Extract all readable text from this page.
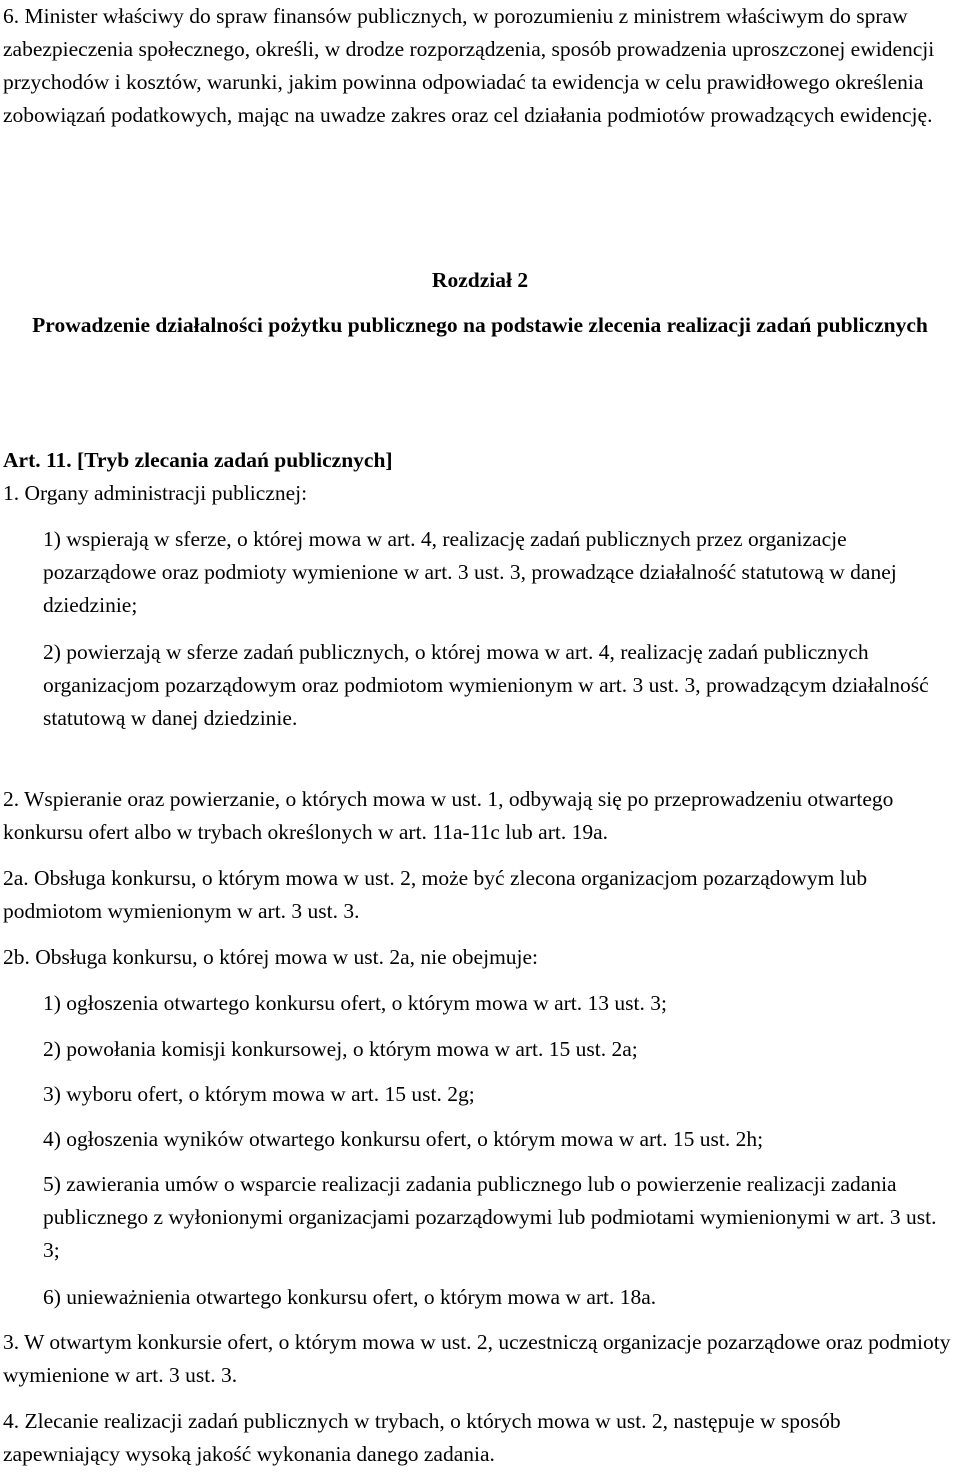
6. Minister właściwy do spraw finansów publicznych, w porozumieniu z ministrem właściwym do spraw zabezpieczenia społecznego, określi, w drodze rozporządzenia, sposób prowadzenia uproszczonej ewidencji przychodów i kosztów, warunki, jakim powinna odpowiadać ta ewidencja w celu prawidłowego określenia zobowiązań podatkowych, mając na uwadze zakres oraz cel działania podmiotów prowadzących ewidencję.

Rozdział 2

Prowadzenie działalności pożytku publicznego na podstawie zlecenia realizacji zadań publicznych

Art. 11. [Tryb zlecania zadań publicznych]

1. Organy administracji publicznej:

1) wspierają w sferze, o której mowa w art. 4, realizację zadań publicznych przez organizacje pozarządowe oraz podmioty wymienione w art. 3 ust. 3, prowadzące działalność statutową w danej dziedzinie;

2) powierzają w sferze zadań publicznych, o której mowa w art. 4, realizację zadań publicznych organizacjom pozarządowym oraz podmiotom wymienionym w art. 3 ust. 3, prowadzącym działalność statutową w danej dziedzinie.

2. Wspieranie oraz powierzanie, o których mowa w ust. 1, odbywają się po przeprowadzeniu otwartego konkursu ofert albo w trybach określonych w art. 11a-11c lub art. 19a.

2a. Obsługa konkursu, o którym mowa w ust. 2, może być zlecona organizacjom pozarządowym lub podmiotom wymienionym w art. 3 ust. 3.

2b. Obsługa konkursu, o której mowa w ust. 2a, nie obejmuje:

1) ogłoszenia otwartego konkursu ofert, o którym mowa w art. 13 ust. 3;

2) powołania komisji konkursowej, o którym mowa w art. 15 ust. 2a;

3) wyboru ofert, o którym mowa w art. 15 ust. 2g;

4) ogłoszenia wyników otwartego konkursu ofert, o którym mowa w art. 15 ust. 2h;

5) zawierania umów o wsparcie realizacji zadania publicznego lub o powierzenie realizacji zadania publicznego z wyłonionymi organizacjami pozarządowymi lub podmiotami wymienionymi w art. 3 ust. 3;

6) unieważnienia otwartego konkursu ofert, o którym mowa w art. 18a.

3. W otwartym konkursie ofert, o którym mowa w ust. 2, uczestniczą organizacje pozarządowe oraz podmioty wymienione w art. 3 ust. 3.

4. Zlecanie realizacji zadań publicznych w trybach, o których mowa w ust. 2, następuje w sposób zapewniający wysoką jakość wykonania danego zadania.
